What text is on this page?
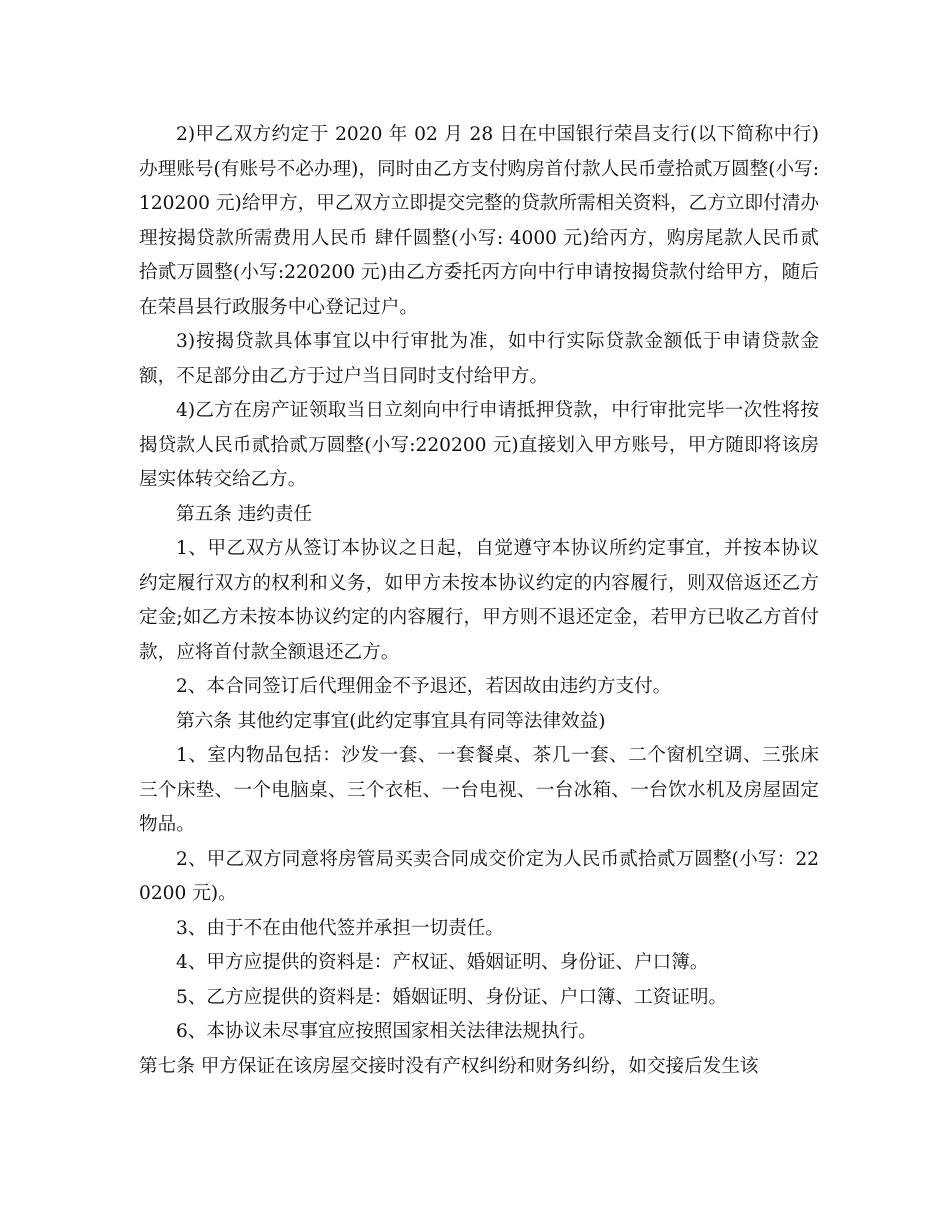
2)甲乙双方约定于 2020 年 02 月 28 日在中国银行荣昌支行(以下简称中行)办理账号(有账号不必办理)，同时由乙方支付购房首付款人民币壹拾贰万圆整(小写:120200 元)给甲方，甲乙双方立即提交完整的贷款所需相关资料，乙方立即付清办理按揭贷款所需费用人民币 肆仟圆整(小写: 4000 元)给丙方，购房尾款人民币贰拾贰万圆整(小写:220200 元)由乙方委托丙方向中行申请按揭贷款付给甲方，随后在荣昌县行政服务中心登记过户。

3)按揭贷款具体事宜以中行审批为准，如中行实际贷款金额低于申请贷款金额，不足部分由乙方于过户当日同时支付给甲方。

4)乙方在房产证领取当日立刻向中行申请抵押贷款，中行审批完毕一次性将按揭贷款人民币贰拾贰万圆整(小写:220200 元)直接划入甲方账号，甲方随即将该房屋实体转交给乙方。

第五条 违约责任

1、甲乙双方从签订本协议之日起，自觉遵守本协议所约定事宜，并按本协议约定履行双方的权利和义务，如甲方未按本协议约定的内容履行，则双倍返还乙方定金;如乙方未按本协议约定的内容履行，甲方则不退还定金，若甲方已收乙方首付款，应将首付款全额退还乙方。

2、本合同签订后代理佣金不予退还，若因故由违约方支付。

第六条 其他约定事宜(此约定事宜具有同等法律效益)

1、室内物品包括：沙发一套、一套餐桌、茶几一套、二个窗机空调、三张床三个床垫、一个电脑桌、三个衣柜、一台电视、一台冰箱、一台饮水机及房屋固定物品。

2、甲乙双方同意将房管局买卖合同成交价定为人民币贰拾贰万圆整(小写：220200 元)。

3、由于不在由他代签并承担一切责任。

4、甲方应提供的资料是：产权证、婚姻证明、身份证、户口簿。

5、乙方应提供的资料是：婚姻证明、身份证、户口簿、工资证明。

6、本协议未尽事宜应按照国家相关法律法规执行。

第七条 甲方保证在该房屋交接时没有产权纠纷和财务纠纷，如交接后发生该
